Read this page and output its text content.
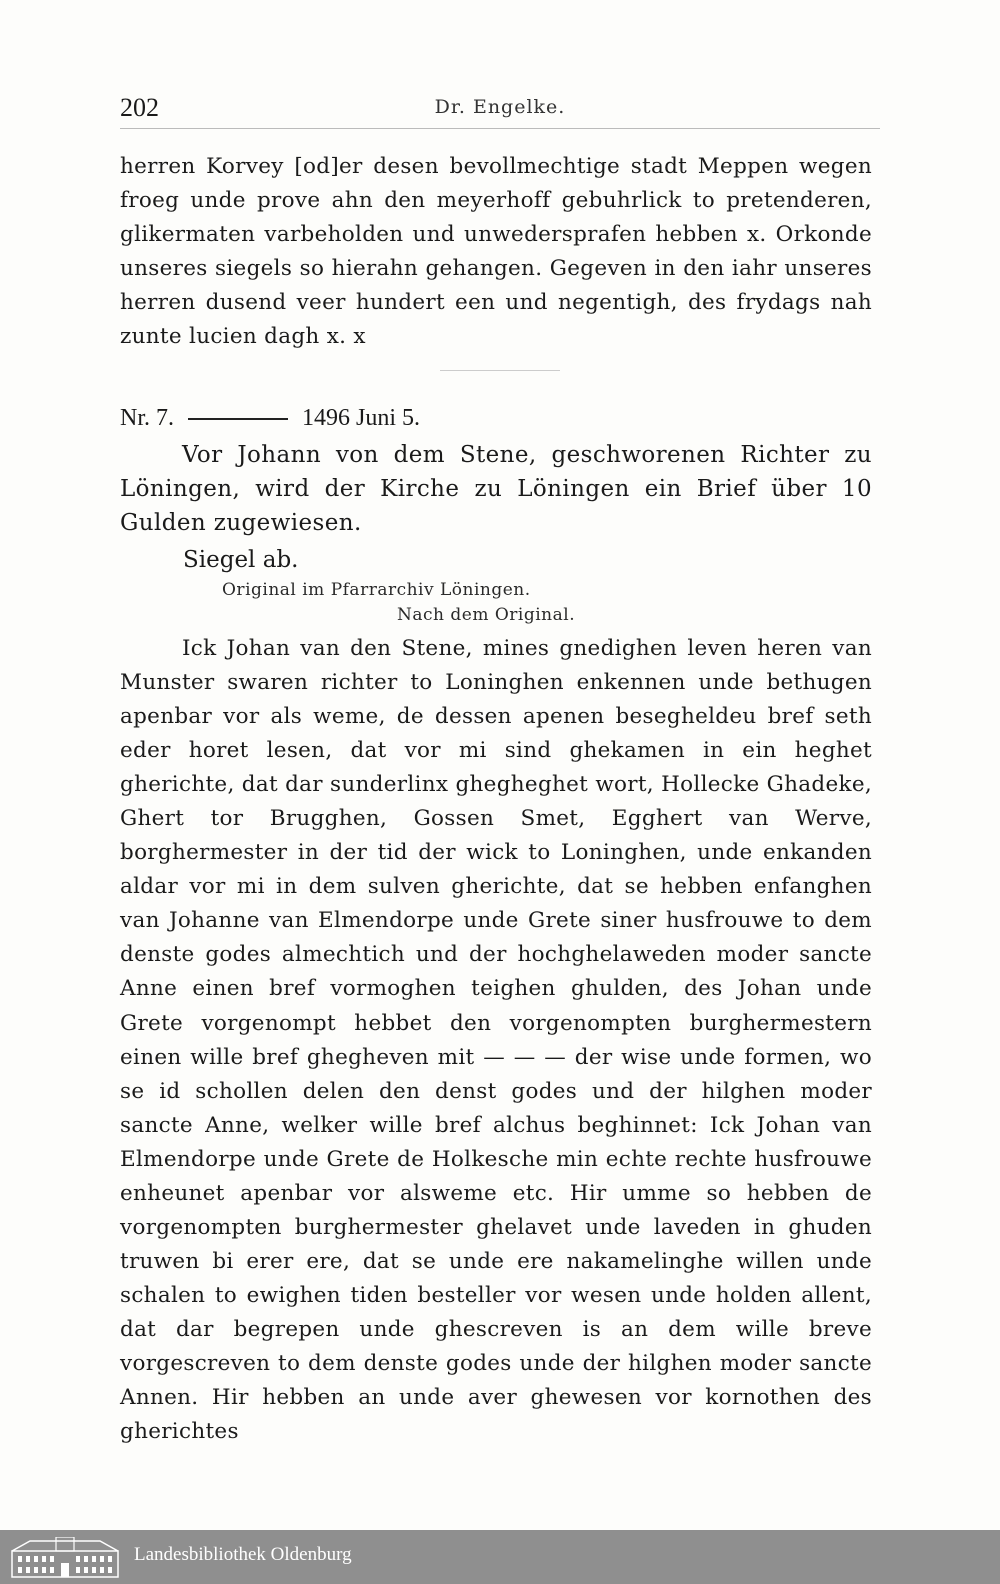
202	Dr. Engelke.
herren Korvey [od]er desen bevollmechtige stadt Meppen wegen froeg unde prove ahn den meyerhoff gebuhrlick to pretenderen, glikermaten varbeholden und unwedersprafen hebben x. Orkonde unseres siegels so hierahn gehangen. Gegeven in den iahr unseres herren dusend veer hundert een und negentigh, des frydags nah zunte lucien dagh x. x
Nr. 7.	1496 Juni 5.
Vor Johann von dem Stene, geschworenen Richter zu Löningen, wird der Kirche zu Löningen ein Brief über 10 Gulden zugewiesen.
Siegel ab.
Original im Pfarrarchiv Löningen.
Nach dem Original.
Ick Johan van den Stene, mines gnedighen leven heren van Munster swaren richter to Loninghen enkennen unde bethugen apenbar vor als weme, de dessen apenen besegheldeu bref seth eder horet lesen, dat vor mi sind ghekamen in ein heghet gherichte, dat dar sunderlinx ghegheghet wort, Hollecke Ghadeke, Ghert tor Brugghen, Gossen Smet, Egghert van Werve, borghermester in der tid der wick to Loninghen, unde enkanden aldar vor mi in dem sulven gherichte, dat se hebben enfanghen van Johanne van Elmendorpe unde Grete siner husfrouwe to dem denste godes almechtich und der hochghelaweden moder sancte Anne einen bref vormoghen teighen ghulden, des Johan unde Grete vorgenompt hebbet den vorgenompten burghermestern einen wille bref ghegheven mit — — — der wise unde formen, wo se id schollen delen den denst godes und der hilghen moder sancte Anne, welker wille bref alchus beghinnet: Ick Johan van Elmendorpe unde Grete de Holkesche min echte rechte husfrouwe enheunet apenbar vor alsweme etc. Hir umme so hebben de vorgenompten burghermester ghelavet unde laveden in ghuden truwen bi erer ere, dat se unde ere nakamelinghe willen unde schalen to ewighen tiden besteller vor wesen unde holden allent, dat dar begrepen unde ghescreven is an dem wille breve vorgescreven to dem denste godes unde der hilghen moder sancte Annen. Hir hebben an unde aver ghewesen vor kornothen des gherichtes
Landesbibliothek Oldenburg
